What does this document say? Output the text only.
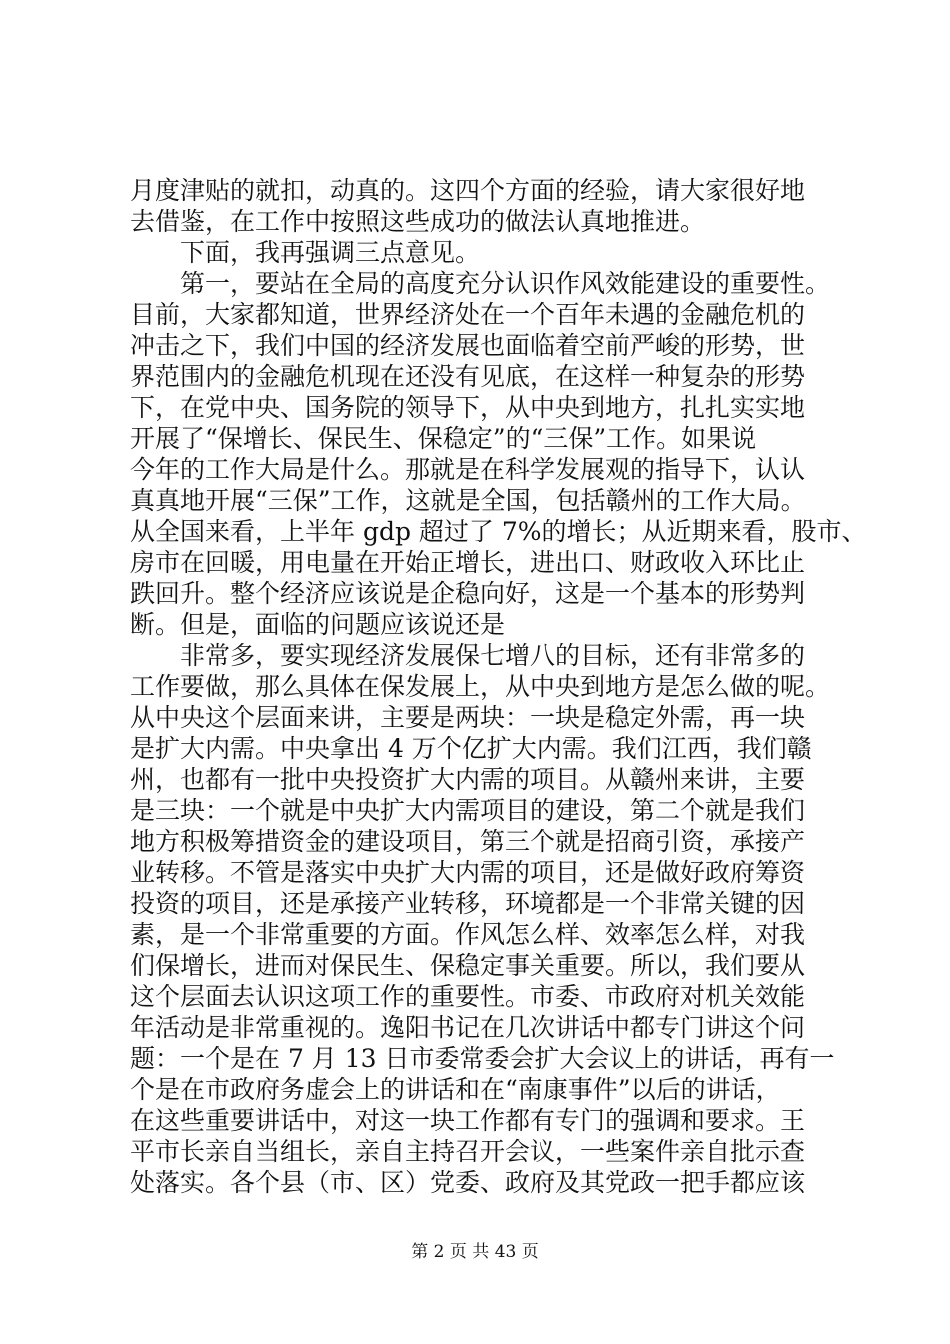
月度津贴的就扣，动真的。这四个方面的经验，请大家很好地
去借鉴，在工作中按照这些成功的做法认真地推进。
下面，我再强调三点意见。
第一，要站在全局的高度充分认识作风效能建设的重要性。
目前，大家都知道，世界经济处在一个百年未遇的金融危机的
冲击之下，我们中国的经济发展也面临着空前严峻的形势，世
界范围内的金融危机现在还没有见底，在这样一种复杂的形势
下，在党中央、国务院的领导下，从中央到地方，扎扎实实地
开展了“保增长、保民生、保稳定”的“三保”工作。如果说
今年的工作大局是什么。那就是在科学发展观的指导下，认认
真真地开展“三保”工作，这就是全国，包括赣州的工作大局。
从全国来看，上半年 gdp 超过了 7%的增长；从近期来看，股市、
房市在回暖，用电量在开始正增长，进出口、财政收入环比止
跌回升。整个经济应该说是企稳向好，这是一个基本的形势判
断。但是，面临的问题应该说还是
非常多，要实现经济发展保七增八的目标，还有非常多的
工作要做，那么具体在保发展上，从中央到地方是怎么做的呢。
从中央这个层面来讲，主要是两块：一块是稳定外需，再一块
是扩大内需。中央拿出 4 万个亿扩大内需。我们江西，我们赣
州，也都有一批中央投资扩大内需的项目。从赣州来讲，主要
是三块：一个就是中央扩大内需项目的建设，第二个就是我们
地方积极筹措资金的建设项目，第三个就是招商引资，承接产
业转移。不管是落实中央扩大内需的项目，还是做好政府筹资
投资的项目，还是承接产业转移，环境都是一个非常关键的因
素，是一个非常重要的方面。作风怎么样、效率怎么样，对我
们保增长，进而对保民生、保稳定事关重要。所以，我们要从
这个层面去认识这项工作的重要性。市委、市政府对机关效能
年活动是非常重视的。逸阳书记在几次讲话中都专门讲这个问
题：一个是在 7 月 13 日市委常委会扩大会议上的讲话，再有一
个是在市政府务虚会上的讲话和在“南康事件”以后的讲话，
在这些重要讲话中，对这一块工作都有专门的强调和要求。王
平市长亲自当组长，亲自主持召开会议，一些案件亲自批示查
处落实。各个县（市、区）党委、政府及其党政一把手都应该
第 2 页 共 43 页
